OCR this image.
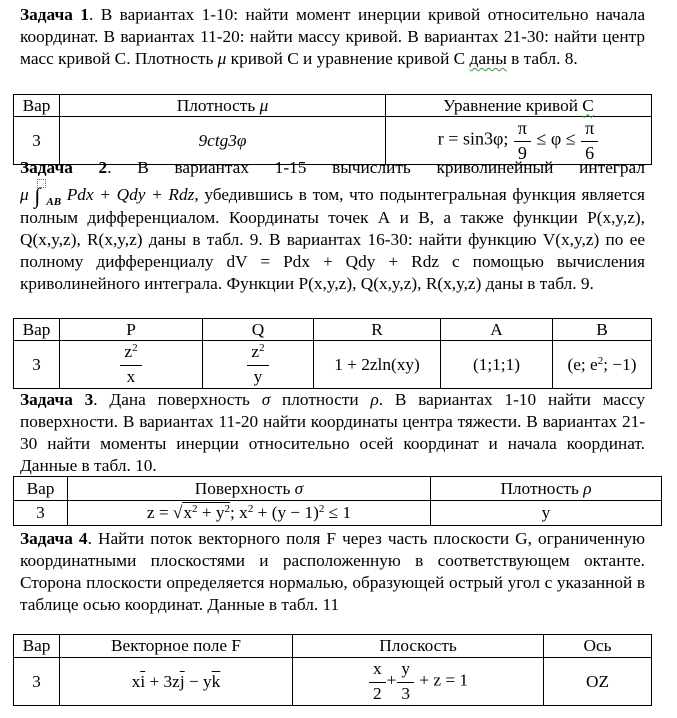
Задача 1. В вариантах 1-10: найти момент инерции кривой относительно начала координат. В вариантах 11-20: найти массу кривой. В вариантах 21-30: найти центр масс кривой С. Плотность μ кривой С и уравнение кривой С даны в табл. 8.
Вар	Плотность μ	Уравнение кривой С
3	9ctg3φ	r = sin3φ; $\frac{\pi}{9} \le \varphi \le \frac{\pi}{6}$
Задача 2. В вариантах 1-15 вычислить криволинейный интеграл
μ ∫ $_{AB}$ Pdx + Qdy + Rdz, убедившись в том, что подынтегральная функция является полным дифференциалом. Координаты точек А и В, а также функции P(x,y,z), Q(x,y,z), R(x,y,z) даны в табл. 9. В вариантах 16-30: найти функцию V(x,y,z) по ее полному дифференциалу dV = Pdx + Qdy + Rdz с помощью вычисления криволинейного интеграла. Функции P(x,y,z), Q(x,y,z), R(x,y,z) даны в табл. 9.
Вар	P	Q	R	A	B
3	$\frac{z^2}{x}$	$\frac{z^2}{y}$	1 + 2zln(xy)	(1;1;1)	(e; $e^2$; −1)
Задача 3. Дана поверхность σ плотности ρ. В вариантах 1-10 найти массу поверхности. В вариантах 11-20 найти координаты центра тяжести. В вариантах 21-30 найти моменты инерции относительно осей координат и начала координат. Данные в табл. 10.
Вар	Поверхность σ	Плотность ρ
3	$z = √x^2 + y^2$; $x^2 + (y - 1)^2 \le 1$	y
Задача 4. Найти поток векторного поля F через часть плоскости G, ограниченную координатными плоскостями и расположенную в соответствующем октанте. Сторона плоскости определяется нормалью, образующей острый угол с указанной в таблице осью координат. Данные в табл. 11
Вар	Векторное поле F	Плоскость	Ось
3	$x\overline{i} + 3z\overline{j} - y\overline{k}$	$\frac{x}{2} + \frac{y}{3} + z = 1$	OZ
